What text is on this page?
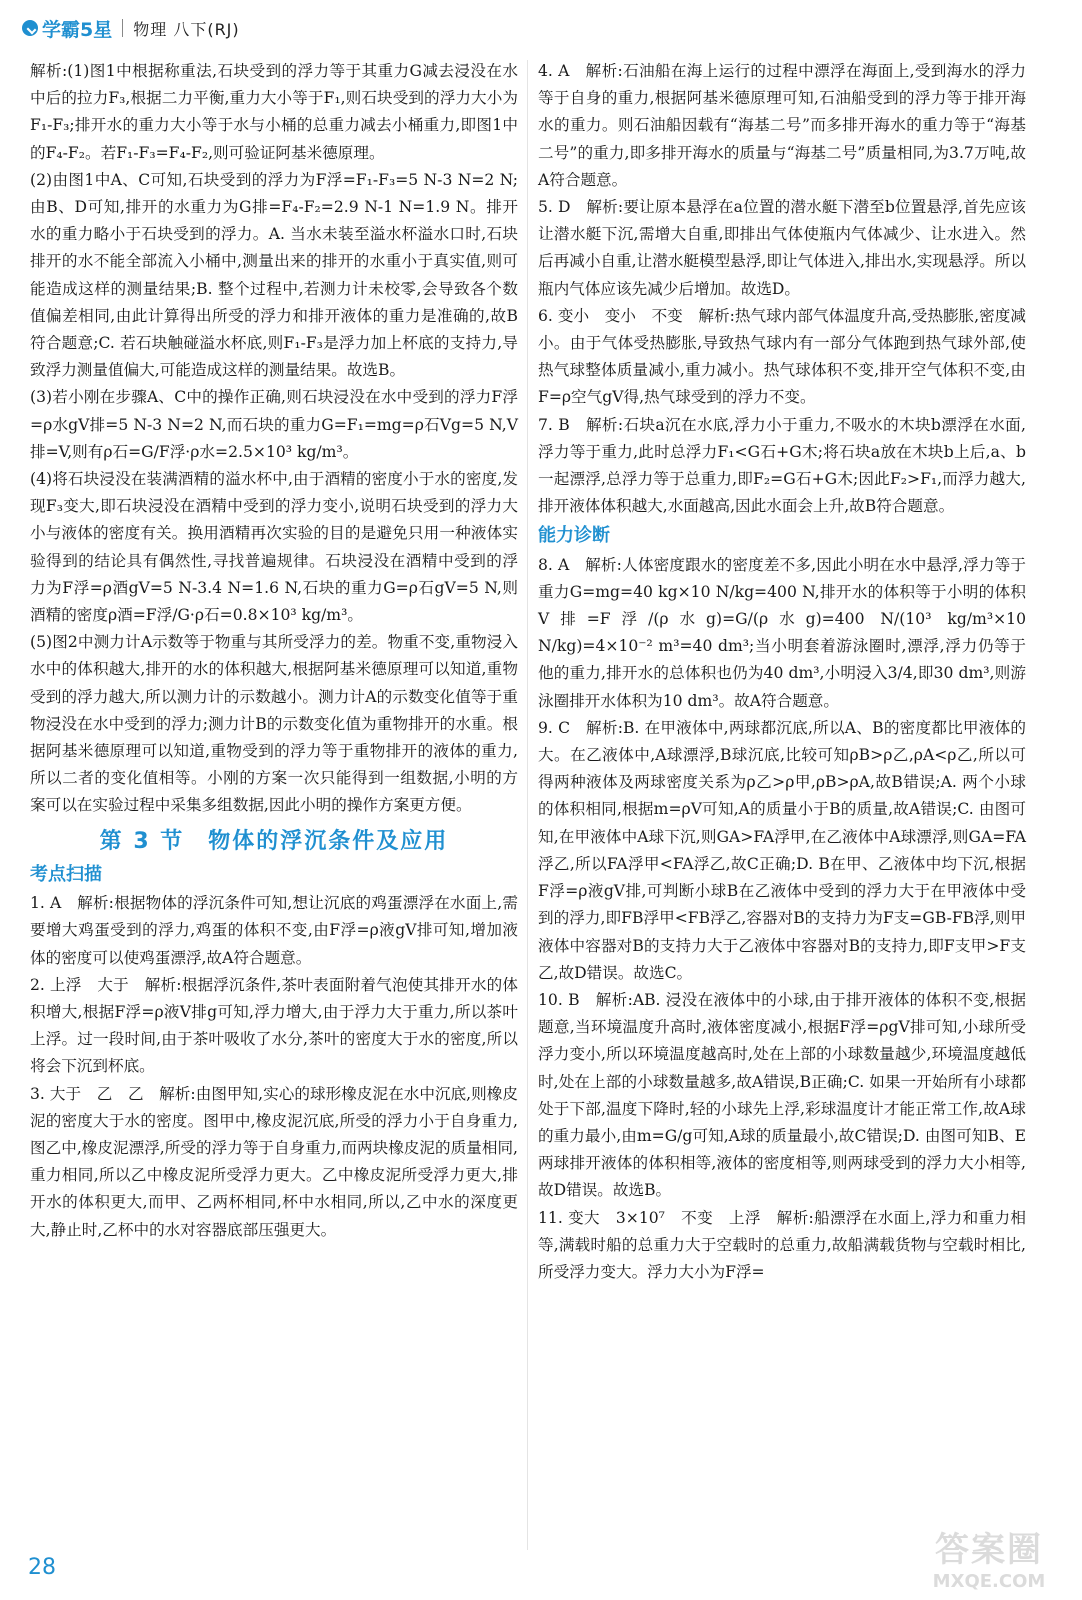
学霸5星 物理 八下(RJ)

解析:(1)图1中根据称重法,石块受到的浮力等于其重力G减去浸没在水中后的拉力F₃,根据二力平衡,重力大小等于F₁,则石块受到的浮力大小为F₁-F₃;排开水的重力大小等于水与小桶的总重力减去小桶重力,即图1中的F₄-F₂。若F₁-F₃=F₄-F₂,则可验证阿基米德原理。

(2)由图1中A、C可知,石块受到的浮力为F浮=F₁-F₃=5 N-3 N=2 N;由B、D可知,排开的水重力为G排=F₄-F₂=2.9 N-1 N=1.9 N。排开水的重力略小于石块受到的浮力。A. 当水未装至溢水杯溢水口时,石块排开的水不能全部流入小桶中,测量出来的排开的水重小于真实值,则可能造成这样的测量结果;B. 整个过程中,若测力计未校零,会导致各个数值偏差相同,由此计算得出所受的浮力和排开液体的重力是准确的,故B符合题意;C. 若石块触碰溢水杯底,则F₁-F₃是浮力加上杯底的支持力,导致浮力测量值偏大,可能造成这样的测量结果。故选B。

(3)若小刚在步骤A、C中的操作正确,则石块浸没在水中受到的浮力F浮=ρ水gV排=5 N-3 N=2 N,而石块的重力G=F₁=mg=ρ石Vg=5 N,V排=V,则有ρ石=G/F浮·ρ水=2.5×10³ kg/m³。

(4)将石块浸没在装满酒精的溢水杯中,由于酒精的密度小于水的密度,发现F₃变大,即石块浸没在酒精中受到的浮力变小,说明石块受到的浮力大小与液体的密度有关。换用酒精再次实验的目的是避免只用一种液体实验得到的结论具有偶然性,寻找普遍规律。石块浸没在酒精中受到的浮力为F浮=ρ酒gV=5 N-3.4 N=1.6 N,石块的重力G=ρ石gV=5 N,则酒精的密度ρ酒=F浮/G·ρ石=0.8×10³ kg/m³。

(5)图2中测力计A示数等于物重与其所受浮力的差。物重不变,重物浸入水中的体积越大,排开的水的体积越大,根据阿基米德原理可以知道,重物受到的浮力越大,所以测力计的示数越小。测力计A的示数变化值等于重物浸没在水中受到的浮力;测力计B的示数变化值为重物排开的水重。根据阿基米德原理可以知道,重物受到的浮力等于重物排开的液体的重力,所以二者的变化值相等。小刚的方案一次只能得到一组数据,小明的方案可以在实验过程中采集多组数据,因此小明的操作方案更方便。

第 3 节　物体的浮沉条件及应用
考点扫描

1. A　解析:根据物体的浮沉条件可知,想让沉底的鸡蛋漂浮在水面上,需要增大鸡蛋受到的浮力,鸡蛋的体积不变,由F浮=ρ液gV排可知,增加液体的密度可以使鸡蛋漂浮,故A符合题意。

2. 上浮　大于　解析:根据浮沉条件,茶叶表面附着气泡使其排开水的体积增大,根据F浮=ρ液V排g可知,浮力增大,由于浮力大于重力,所以茶叶上浮。过一段时间,由于茶叶吸收了水分,茶叶的密度大于水的密度,所以将会下沉到杯底。

3. 大于　乙　乙　解析:由图甲知,实心的球形橡皮泥在水中沉底,则橡皮泥的密度大于水的密度。图甲中,橡皮泥沉底,所受的浮力小于自身重力,图乙中,橡皮泥漂浮,所受的浮力等于自身重力,而两块橡皮泥的质量相同,重力相同,所以乙中橡皮泥所受浮力更大。乙中橡皮泥所受浮力更大,排开水的体积更大,而甲、乙两杯相同,杯中水相同,所以,乙中水的深度更大,静止时,乙杯中的水对容器底部压强更大。

4. A　解析:石油船在海上运行的过程中漂浮在海面上,受到海水的浮力等于自身的重力,根据阿基米德原理可知,石油船受到的浮力等于排开海水的重力。则石油船因载有“海基二号”而多排开海水的重力等于“海基二号”的重力,即多排开海水的质量与“海基二号”质量相同,为3.7万吨,故A符合题意。

5. D　解析:要让原本悬浮在a位置的潜水艇下潜至b位置悬浮,首先应该让潜水艇下沉,需增大自重,即排出气体使瓶内气体减少、让水进入。然后再减小自重,让潜水艇模型悬浮,即让气体进入,排出水,实现悬浮。所以瓶内气体应该先减少后增加。故选D。

6. 变小　变小　不变　解析:热气球内部气体温度升高,受热膨胀,密度减小。由于气体受热膨胀,导致热气球内有一部分气体跑到热气球外部,使热气球整体质量减小,重力减小。热气球体积不变,排开空气体积不变,由F=ρ空气gV得,热气球受到的浮力不变。

7. B　解析:石块a沉在水底,浮力小于重力,不吸水的木块b漂浮在水面,浮力等于重力,此时总浮力F₁<G石+G木;将石块a放在木块b上后,a、b一起漂浮,总浮力等于总重力,即F₂=G石+G木;因此F₂>F₁,而浮力越大,排开液体体积越大,水面越高,因此水面会上升,故B符合题意。

能力诊断

8. A　解析:人体密度跟水的密度差不多,因此小明在水中悬浮,浮力等于重力G=mg=40 kg×10 N/kg=400 N,排开水的体积等于小明的体积V排=F浮/(ρ水g)=G/(ρ水g)=400 N/(10³ kg/m³×10 N/kg)=4×10⁻² m³=40 dm³;当小明套着游泳圈时,漂浮,浮力仍等于他的重力,排开水的总体积也仍为40 dm³,小明浸入3/4,即30 dm³,则游泳圈排开水体积为10 dm³。故A符合题意。

9. C　解析:B. 在甲液体中,两球都沉底,所以A、B的密度都比甲液体的大。在乙液体中,A球漂浮,B球沉底,比较可知ρB>ρ乙,ρA<ρ乙,所以可得两种液体及两球密度关系为ρ乙>ρ甲,ρB>ρA,故B错误;A. 两个小球的体积相同,根据m=ρV可知,A的质量小于B的质量,故A错误;C. 由图可知,在甲液体中A球下沉,则GA>FA浮甲,在乙液体中A球漂浮,则GA=FA浮乙,所以FA浮甲<FA浮乙,故C正确;D. B在甲、乙液体中均下沉,根据F浮=ρ液gV排,可判断小球B在乙液体中受到的浮力大于在甲液体中受到的浮力,即FB浮甲<FB浮乙,容器对B的支持力为F支=GB-FB浮,则甲液体中容器对B的支持力大于乙液体中容器对B的支持力,即F支甲>F支乙,故D错误。故选C。

10. B　解析:AB. 浸没在液体中的小球,由于排开液体的体积不变,根据题意,当环境温度升高时,液体密度减小,根据F浮=ρgV排可知,小球所受浮力变小,所以环境温度越高时,处在上部的小球数量越少,环境温度越低时,处在上部的小球数量越多,故A错误,B正确;C. 如果一开始所有小球都处于下部,温度下降时,轻的小球先上浮,彩球温度计才能正常工作,故A球的重力最小,由m=G/g可知,A球的质量最小,故C错误;D. 由图可知B、E两球排开液体的体积相等,液体的密度相等,则两球受到的浮力大小相等,故D错误。故选B。

11. 变大　3×10⁷　不变　上浮　解析:船漂浮在水面上,浮力和重力相等,满载时船的总重力大于空载时的总重力,故船满载货物与空载时相比,所受浮力变大。浮力大小为F浮=

28	答案圈
MXQE.COM
